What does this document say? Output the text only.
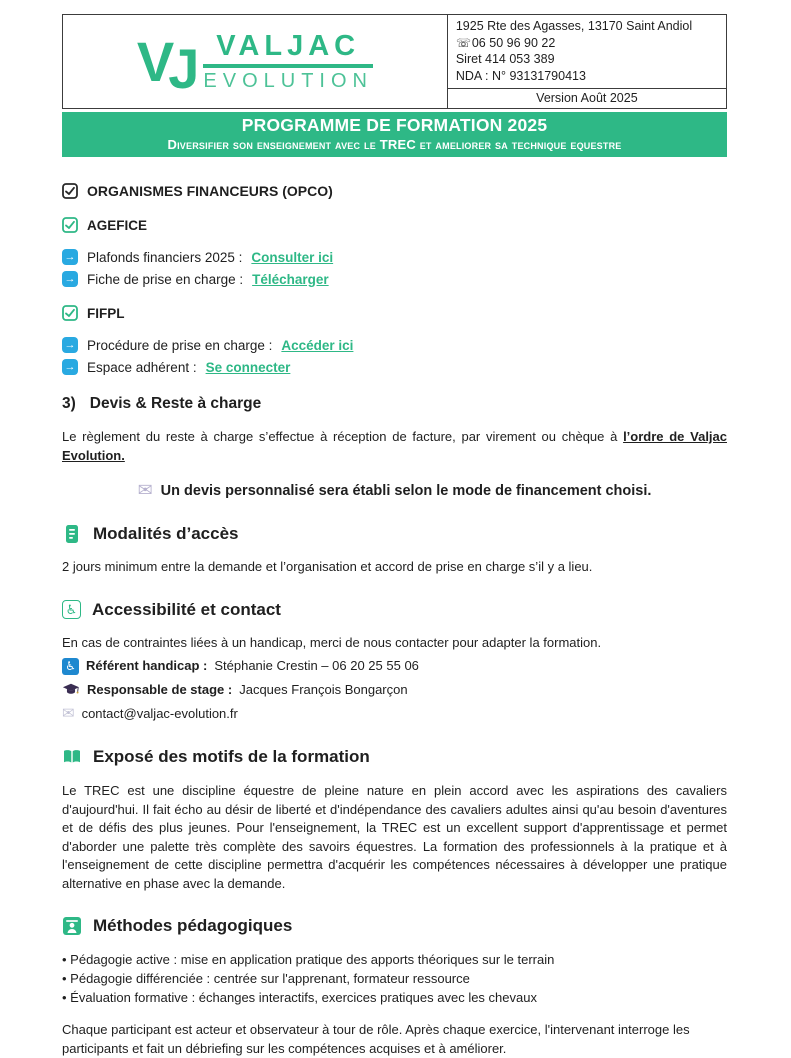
VJ VALJAC
EVOLUTION
1925 Rte des Agasses, 13170 Saint Andiol
☏06 50 96 90 22
Siret 414 053 389
NDA : N° 93131790413
Version Août 2025
PROGRAMME DE FORMATION 2025
Diversifier son enseignement avec le TREC et ameliorer sa technique equestre
ORGANISMES FINANCEURS (OPCO)
AGEFICE
→ Plafonds financiers 2025 : Consulter ici
→ Fiche de prise en charge : Télécharger
FIFPL
→ Procédure de prise en charge : Accéder ici
→ Espace adhérent : Se connecter
3) Devis & Reste à charge

Le règlement du reste à charge s’effectue à réception de facture, par virement ou chèque à l’ordre de Valjac Evolution.

✉ Un devis personnalisé sera établi selon le mode de financement choisi.
Modalités d’accès

2 jours minimum entre la demande et l’organisation et accord de prise en charge s’il y a lieu.

♿ Accessibilité et contact

En cas de contraintes liées à un handicap, merci de nous contacter pour adapter la formation.

♿ Référent handicap : Stéphanie Crestin – 06 20 25 55 06
Responsable de stage : Jacques François Bongarçon
✉ contact@valjac-evolution.fr
Exposé des motifs de la formation

Le TREC est une discipline équestre de pleine nature en plein accord avec les aspirations des cavaliers d'aujourd'hui. Il fait écho au désir de liberté et d'indépendance des cavaliers adultes ainsi qu'au besoin d'aventures et de défis des plus jeunes. Pour l'enseignement, la TREC est un excellent support d'apprentissage et permet d'aborder une palette très complète des savoirs équestres. La formation des professionnels à la pratique et à l'enseignement de cette discipline permettra d'acquérir les compétences nécessaires à développer une pratique alternative en phase avec la demande.

Méthodes pédagogiques
• Pédagogie active : mise en application pratique des apports théoriques sur le terrain
• Pédagogie différenciée : centrée sur l'apprenant, formateur ressource
• Évaluation formative : échanges interactifs, exercices pratiques avec les chevaux

Chaque participant est acteur et observateur à tour de rôle. Après chaque exercice, l'intervenant interroge les participants et fait un débriefing sur les compétences acquises et à améliorer.
